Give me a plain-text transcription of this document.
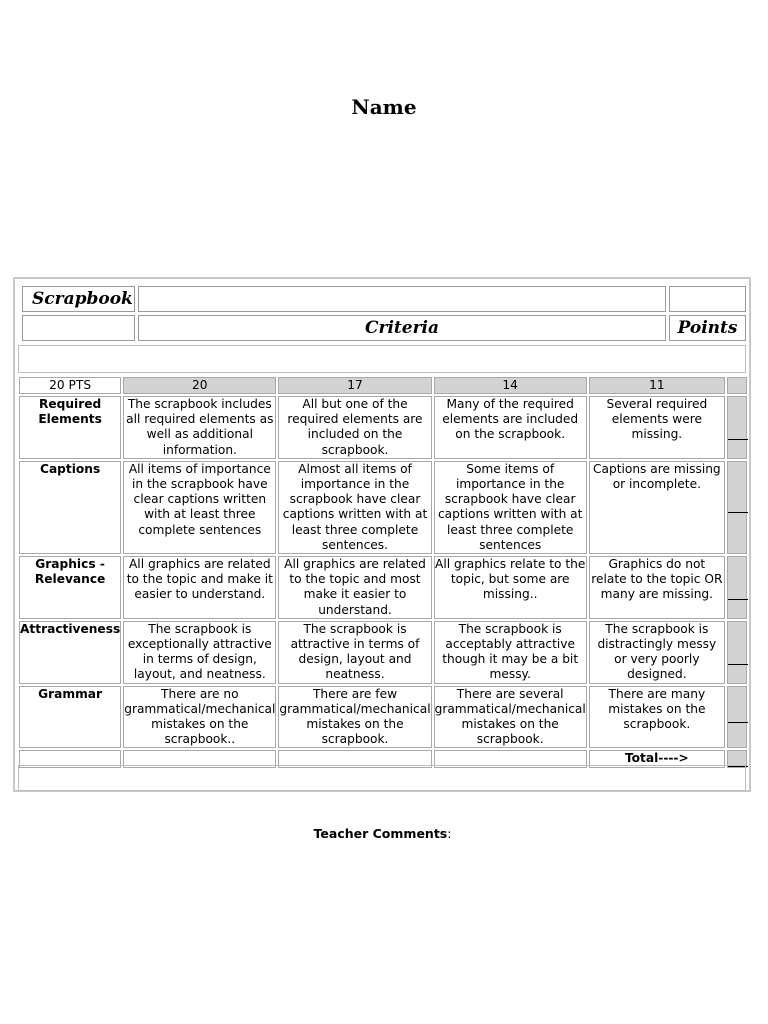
Name
Scrapbook		
	Criteria	Points
20 PTS	20	17	14	11	
Required Elements	The scrapbook includes all required elements as well as additional information.	All but one of the required elements are included on the scrapbook.	Many of the required elements are included on the scrapbook.	Several required elements were missing.	

Captions	All items of importance in the scrapbook have clear captions written with at least three complete sentences	Almost all items of importance in the scrapbook have clear captions written with at least three complete sentences.	Some items of importance in the scrapbook have clear captions written with at least three complete sentences	Captions are missing or incomplete.	

Graphics - Relevance	All graphics are related to the topic and make it easier to understand.	All graphics are related to the topic and most make it easier to understand.	All graphics relate to the topic, but some are missing..	Graphics do not relate to the topic OR many are missing.	

Attractiveness	The scrapbook is exceptionally attractive in terms of design, layout, and neatness.	The scrapbook is attractive in terms of design, layout and neatness.	The scrapbook is acceptably attractive though it may be a bit messy.	The scrapbook is distractingly messy or very poorly designed.	

Grammar	There are no grammatical/mechanical mistakes on the scrapbook..	There are few grammatical/mechanical mistakes on the scrapbook.	There are several grammatical/mechanical mistakes on the scrapbook.	There are many mistakes on the scrapbook.	

				Total---->	
Teacher Comments:
